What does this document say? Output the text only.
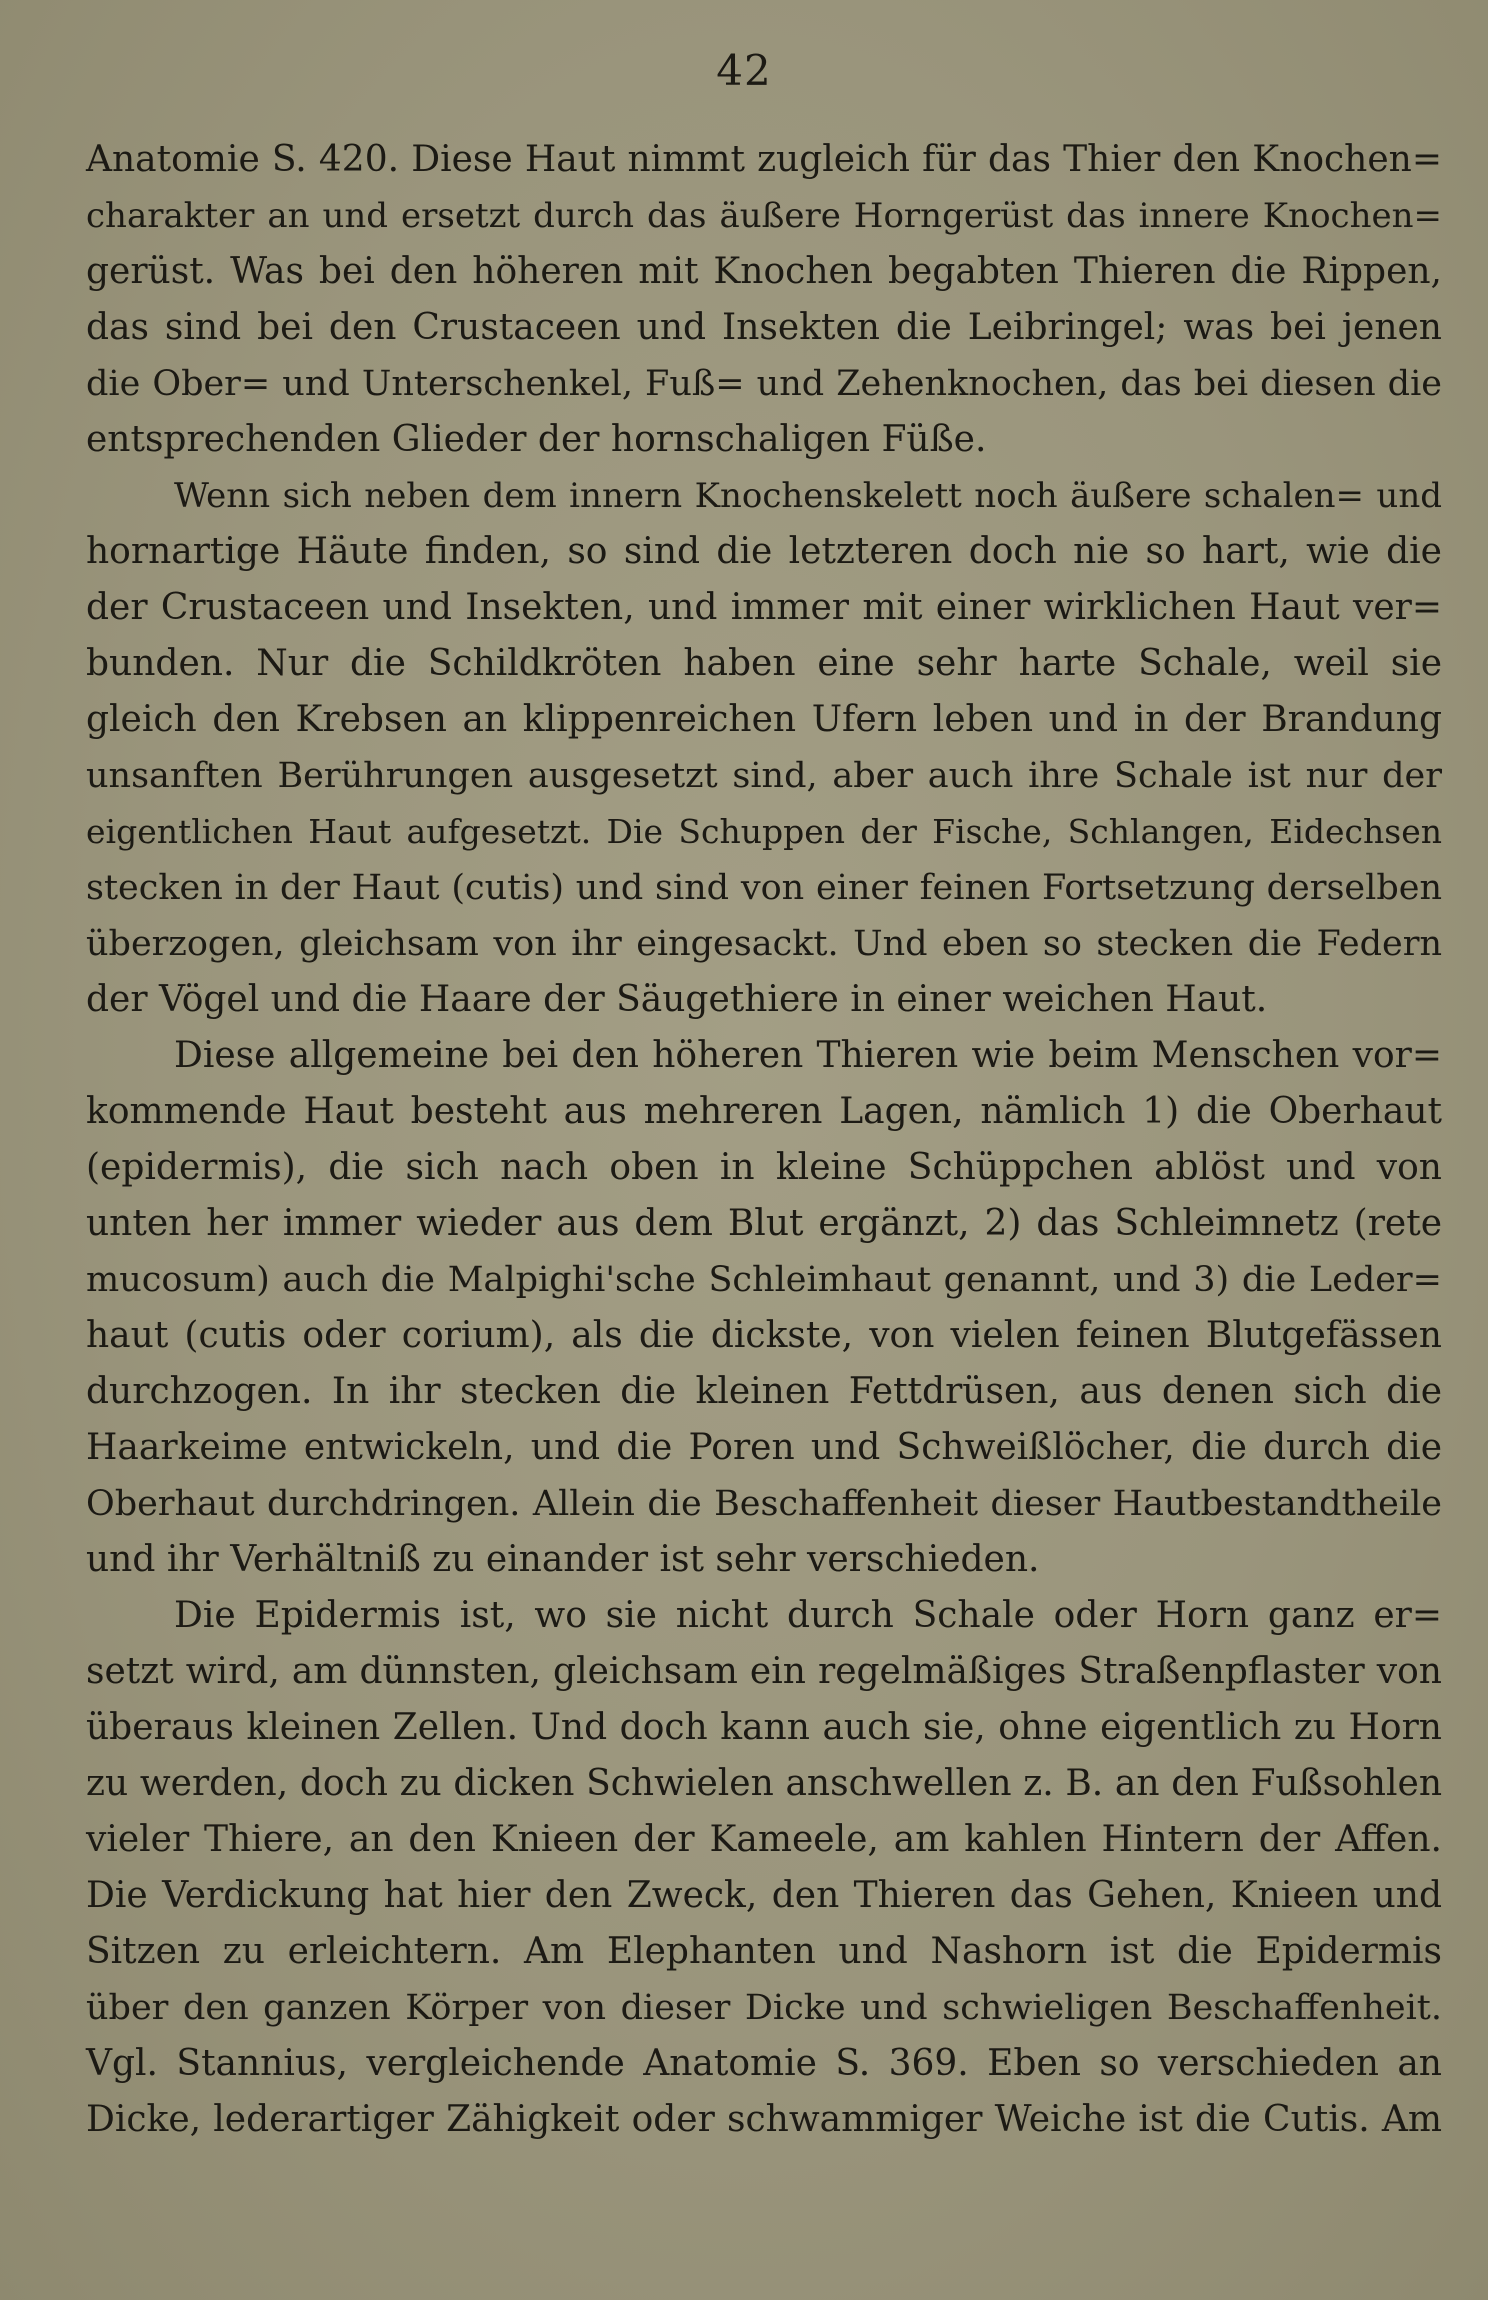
42
Anatomie S. 420. Diese Haut nimmt zugleich für das Thier den Knochen=
charakter an und ersetzt durch das äußere Horngerüst das innere Knochen=
gerüst. Was bei den höheren mit Knochen begabten Thieren die Rippen,
das sind bei den Crustaceen und Insekten die Leibringel; was bei jenen
die Ober= und Unterschenkel, Fuß= und Zehenknochen, das bei diesen die
entsprechenden Glieder der hornschaligen Füße.
Wenn sich neben dem innern Knochenskelett noch äußere schalen= und
hornartige Häute finden, so sind die letzteren doch nie so hart, wie die
der Crustaceen und Insekten, und immer mit einer wirklichen Haut ver=
bunden. Nur die Schildkröten haben eine sehr harte Schale, weil sie
gleich den Krebsen an klippenreichen Ufern leben und in der Brandung
unsanften Berührungen ausgesetzt sind, aber auch ihre Schale ist nur der
eigentlichen Haut aufgesetzt. Die Schuppen der Fische, Schlangen, Eidechsen
stecken in der Haut (cutis) und sind von einer feinen Fortsetzung derselben
überzogen, gleichsam von ihr eingesackt. Und eben so stecken die Federn
der Vögel und die Haare der Säugethiere in einer weichen Haut.
Diese allgemeine bei den höheren Thieren wie beim Menschen vor=
kommende Haut besteht aus mehreren Lagen, nämlich 1) die Oberhaut
(epidermis), die sich nach oben in kleine Schüppchen ablöst und von
unten her immer wieder aus dem Blut ergänzt, 2) das Schleimnetz (rete
mucosum) auch die Malpighi'sche Schleimhaut genannt, und 3) die Leder=
haut (cutis oder corium), als die dickste, von vielen feinen Blutgefässen
durchzogen. In ihr stecken die kleinen Fettdrüsen, aus denen sich die
Haarkeime entwickeln, und die Poren und Schweißlöcher, die durch die
Oberhaut durchdringen. Allein die Beschaffenheit dieser Hautbestandtheile
und ihr Verhältniß zu einander ist sehr verschieden.
Die Epidermis ist, wo sie nicht durch Schale oder Horn ganz er=
setzt wird, am dünnsten, gleichsam ein regelmäßiges Straßenpflaster von
überaus kleinen Zellen. Und doch kann auch sie, ohne eigentlich zu Horn
zu werden, doch zu dicken Schwielen anschwellen z. B. an den Fußsohlen
vieler Thiere, an den Knieen der Kameele, am kahlen Hintern der Affen.
Die Verdickung hat hier den Zweck, den Thieren das Gehen, Knieen und
Sitzen zu erleichtern. Am Elephanten und Nashorn ist die Epidermis
über den ganzen Körper von dieser Dicke und schwieligen Beschaffenheit.
Vgl. Stannius, vergleichende Anatomie S. 369. Eben so verschieden an
Dicke, lederartiger Zähigkeit oder schwammiger Weiche ist die Cutis. Am
